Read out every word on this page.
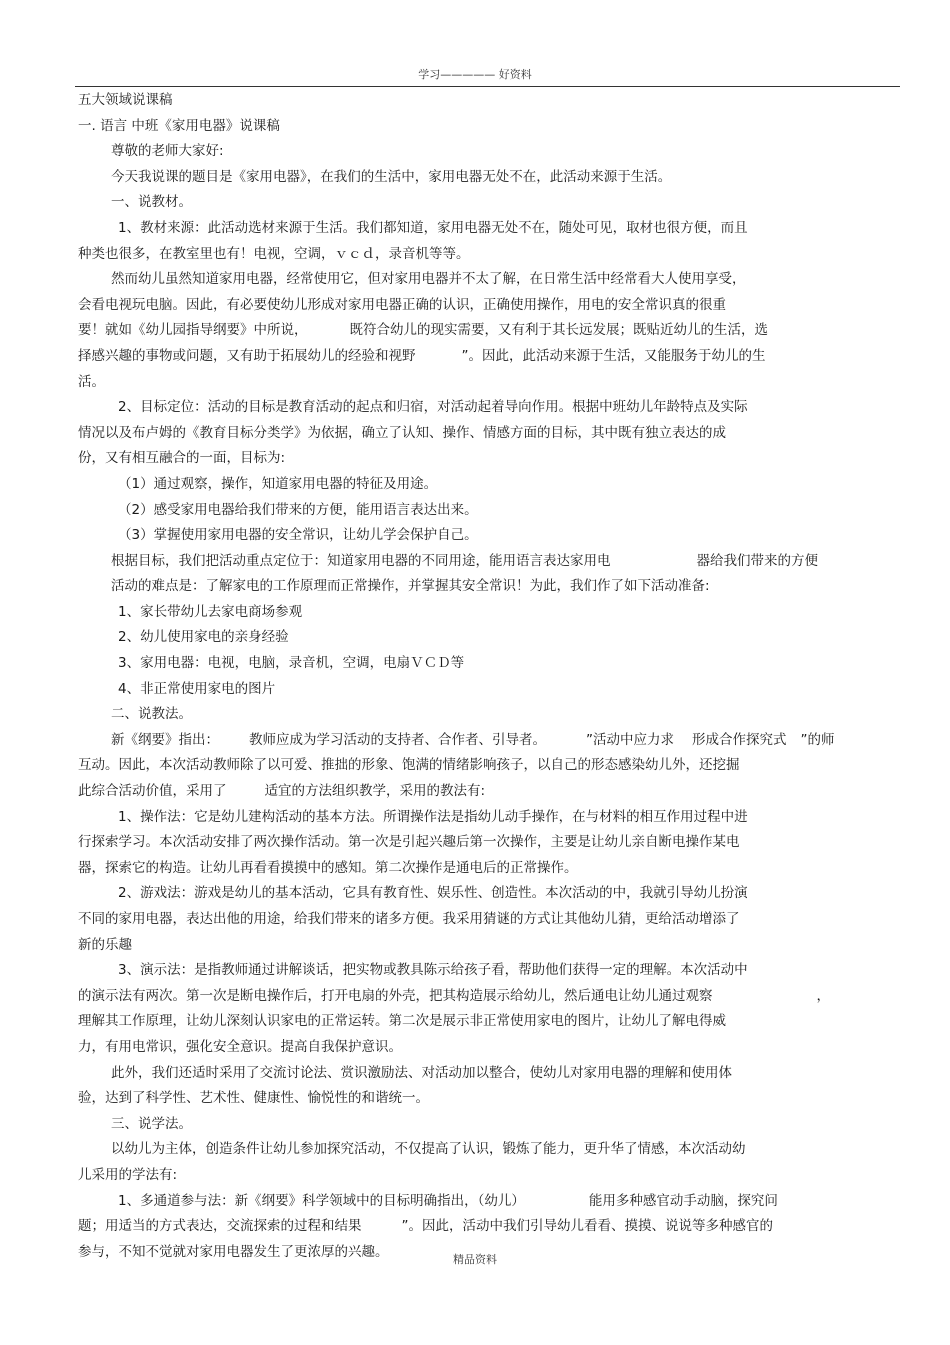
学习————— 好资料

五大领域说课稿

一. 语言 中班《家用电器》说课稿

尊敬的老师大家好:

今天我说课的题目是《家用电器》，在我们的生活中，家用电器无处不在，此活动来源于生活。

一、说教材。

1、教材来源：此活动选材来源于生活。我们都知道，家用电器无处不在，随处可见，取材也很方便，而且

种类也很多，在教室里也有！电视，空调，ｖｃｄ，录音机等等。

然而幼儿虽然知道家用电器，经常使用它，但对家用电器并不太了解，在日常生活中经常看大人使用享受，

会看电视玩电脑。因此，有必要使幼儿形成对家用电器正确的认识，正确使用操作，用电的安全常识真的很重

要！就如《幼儿园指导纲要》中所说，	既符合幼儿的现实需要，又有利于其长远发展；既贴近幼儿的生活，选

择感兴趣的事物或问题，又有助于拓展幼儿的经验和视野	”。因此，此活动来源于生活，又能服务于幼儿的生

活。

2、目标定位：活动的目标是教育活动的起点和归宿，对活动起着导向作用。根据中班幼儿年龄特点及实际

情况以及布卢姆的《教育目标分类学》为依据，确立了认知、操作、情感方面的目标，其中既有独立表达的成

份，又有相互融合的一面，目标为:

（1）通过观察，操作，知道家用电器的特征及用途。

（2）感受家用电器给我们带来的方便，能用语言表达出来。

（3）掌握使用家用电器的安全常识，让幼儿学会保护自己。

根据目标，我们把活动重点定位于：知道家用电器的不同用途，能用语言表达家用电	器给我们带来的方便

活动的难点是：了解家电的工作原理而正常操作，并掌握其安全常识！为此，我们作了如下活动准备:

1、家长带幼儿去家电商场参观

2、幼儿使用家电的亲身经验

3、家用电器：电视，电脑，录音机，空调，电扇ＶＣＤ等

4、非正常使用家电的图片

二、说教法。

新《纲要》指出： 教师应成为学习活动的支持者、合作者、引导者。	”活动中应力求 形成合作探究式 ”的师

互动。因此，本次活动教师除了以可爱、推拙的形象、饱满的情绪影响孩子，以自己的形态感染幼儿外，还挖掘

此综合活动价值，采用了	适宜的方法组织教学，采用的教法有:

1、操作法：它是幼儿建构活动的基本方法。所谓操作法是指幼儿动手操作，在与材料的相互作用过程中进

行探索学习。本次活动安排了两次操作活动。第一次是引起兴趣后第一次操作，主要是让幼儿亲自断电操作某电

器，探索它的构造。让幼儿再看看摸摸中的感知。第二次操作是通电后的正常操作。

2、游戏法：游戏是幼儿的基本活动，它具有教育性、娱乐性、创造性。本次活动的中，我就引导幼儿扮演

不同的家用电器，表达出他的用途，给我们带来的诸多方便。我采用猜谜的方式让其他幼儿猜，更给活动增添了

新的乐趣

3、演示法：是指教师通过讲解谈话，把实物或教具陈示给孩子看，帮助他们获得一定的理解。本次活动中

的演示法有两次。第一次是断电操作后，打开电扇的外壳，把其构造展示给幼儿，然后通电让幼儿通过观察	，

理解其工作原理，让幼儿深刻认识家电的正常运转。第二次是展示非正常使用家电的图片，让幼儿了解电得威

力，有用电常识，强化安全意识。提高自我保护意识。

此外，我们还适时采用了交流讨论法、赏识激励法、对活动加以整合，使幼儿对家用电器的理解和使用体

验，达到了科学性、艺术性、健康性、愉悦性的和谐统一。

三、说学法。

以幼儿为主体，创造条件让幼儿参加探究活动，不仅提高了认识，锻炼了能力，更升华了情感，本次活动幼

儿采用的学法有:

1、多通道参与法：新《纲要》科学领域中的目标明确指出，（幼儿）	能用多种感官动手动脑，探究问

题；用适当的方式表达，交流探索的过程和结果	”。因此，活动中我们引导幼儿看看、摸摸、说说等多种感官的

参与，不知不觉就对家用电器发生了更浓厚的兴趣。	精品资料
